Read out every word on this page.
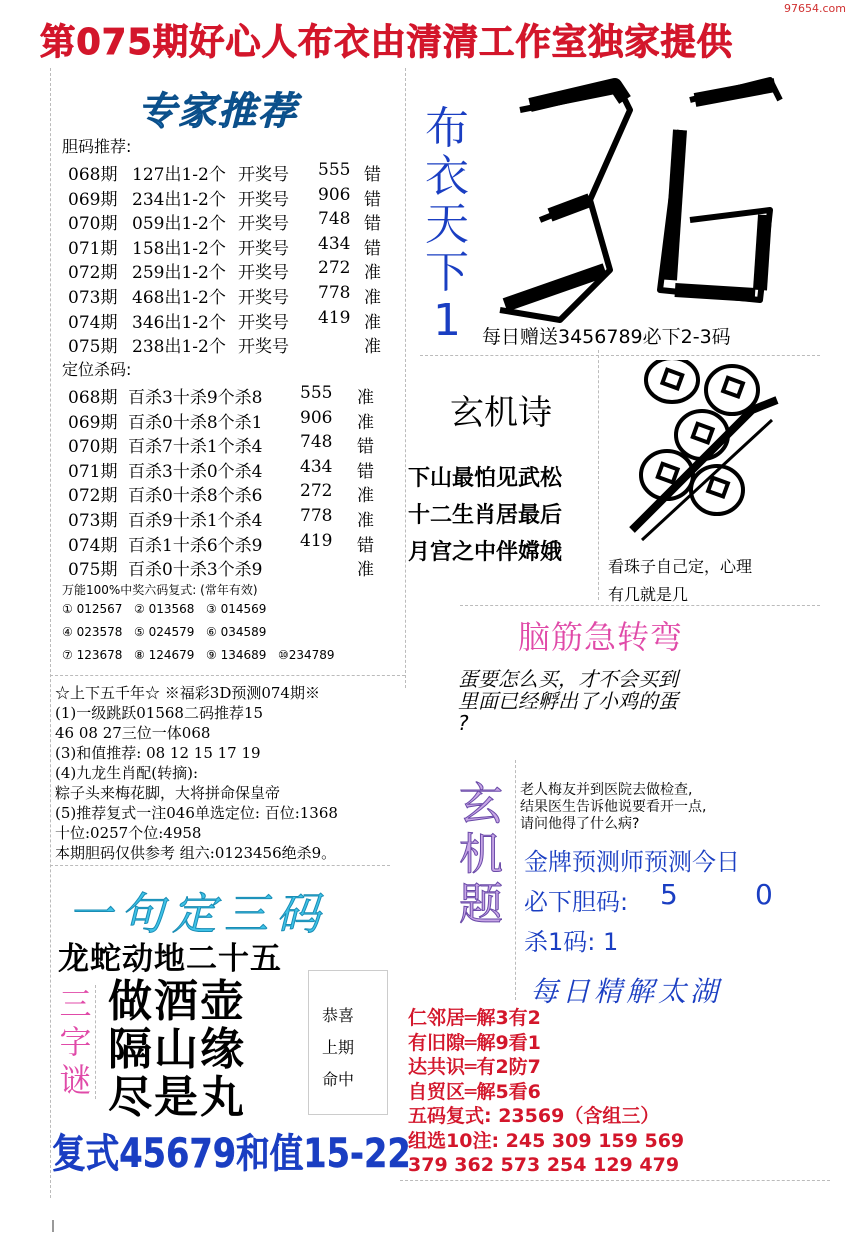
97654.com
第075期好心人布衣由清清工作室独家提供
专家推荐
胆码推荐:
068期 127出1-2个 开奖号	555 错
069期 234出1-2个 开奖号	906 错
070期 059出1-2个 开奖号	748 错
071期 158出1-2个 开奖号	434 错
072期 259出1-2个 开奖号	272 准
073期 468出1-2个 开奖号	778 准
074期 346出1-2个 开奖号	419 准
075期 238出1-2个 开奖号	准
定位杀码:
068期 百杀3十杀9个杀8	555	准
069期 百杀0十杀8个杀1	906	准
070期 百杀7十杀1个杀4	748	错
071期 百杀3十杀0个杀4	434	错
072期 百杀0十杀8个杀6	272	准
073期 百杀9十杀1个杀4	778	准
074期 百杀1十杀6个杀9	419	错
075期 百杀0十杀3个杀9	准
万能100%中奖六码复式: (常年有效)
① 012567 ② 013568 ③ 014569
④ 023578 ⑤ 024579 ⑥ 034589
⑦ 123678 ⑧ 124679 ⑨ 134689 ⑩234789
☆上下五千年☆ ※福彩3D预测074期※
(1)一级跳跃01568二码推荐15
46 08 27三位一体068
(3)和值推荐: 08 12 15 17 19
(4)九龙生肖配(转摘):
粽子头来梅花脚，大将拼命保皇帝
(5)推荐复式一注046单选定位: 百位:1368
十位:0257个位:4958
本期胆码仅供参考 组六:0123456绝杀9。
一句定三码
龙蛇动地二十五
三
字
谜
做酒壶
隔山缘
尽是丸
恭喜
上期
命中
复式45679和值15-22
布
衣
天
下
1
36
每日赠送3456789必下2-3码
玄机诗
下山最怕见武松
十二生肖居最后
月宫之中伴嫦娥
看珠子自己定，心理
有几就是几
脑筋急转弯
蛋要怎么买，才不会买到
里面已经孵出了小鸡的蛋
?
玄
机
题
老人梅友并到医院去做检查,
结果医生告诉他说要看开一点,
请问他得了什么病?
金牌预测师预测今日
必下胆码: 5	0
杀1码: 1
每日精解太湖
仁邻居═解3有2
有旧隙═解9看1
达共识═有2防7
自贸区═解5看6
五码复式: 23569（含组三）
组选10注: 245 309 159 569
379 362 573 254 129 479
